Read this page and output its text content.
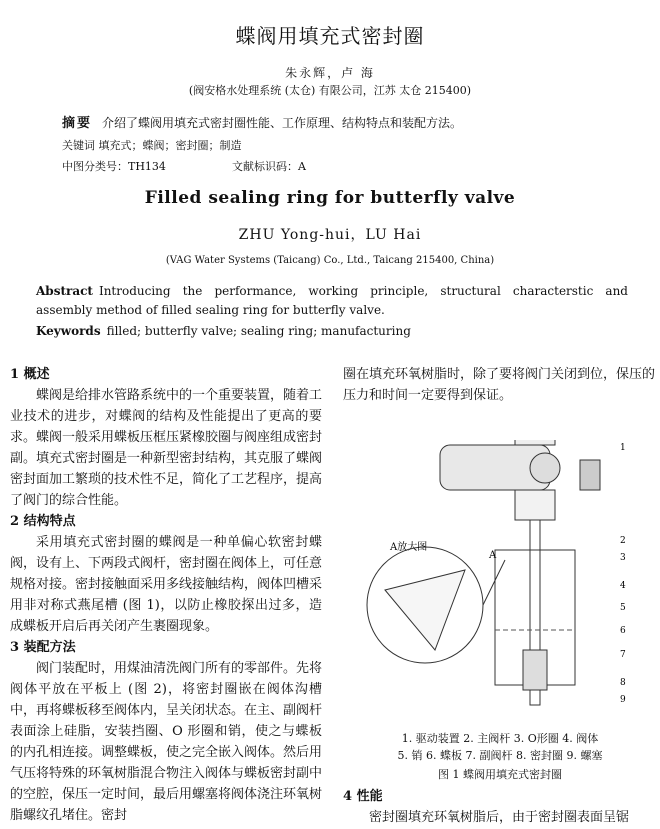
蝶阀用填充式密封圈
朱永辉，卢 海
(阀安格水处理系统 (太仓) 有限公司，江苏 太仓 215400)
摘要 介绍了蝶阀用填充式密封圈性能、工作原理、结构特点和装配方法。
关键词 填充式；蝶阀；密封圈；制造
中图分类号：TH134	文献标识码：A
Filled sealing ring for butterfly valve
ZHU Yong-hui，LU Hai
(VAG Water Systems (Taicang) Co., Ltd., Taicang 215400, China)
Abstract Introducing the performance, working principle, structural characterstic and assembly method of filled sealing ring for butterfly valve.
Keywords filled; butterfly valve; sealing ring; manufacturing
1 概述

蝶阀是给排水管路系统中的一个重要装置，随着工业技术的进步，对蝶阀的结构及性能提出了更高的要求。蝶阀一般采用蝶板压框压紧橡胶圈与阀座组成密封副。填充式密封圈是一种新型密封结构，其克服了蝶阀密封面加工繁琐的技术性不足，简化了工艺程序，提高了阀门的综合性能。

2 结构特点

采用填充式密封圈的蝶阀是一种单偏心软密封蝶阀，设有上、下两段式阀杆，密封圈在阀体上，可任意规格对接。密封接触面采用多线接触结构，阀体凹槽采用非对称式燕尾槽 (图 1)，以防止橡胶探出过多，造成蝶板开启后再关闭产生裹圈现象。

3 装配方法

阀门装配时，用煤油清洗阀门所有的零部件。先将阀体平放在平板上 (图 2)，将密封圈嵌在阀体沟槽中，再将蝶板移至阀体内，呈关闭状态。在主、副阀杆表面涂上硅脂，安装挡圈、O 形圈和销，使之与蝶板的内孔相连接。调整蝶板，使之完全嵌入阀体。然后用气压将特殊的环氧树脂混合物注入阀体与蝶板密封副中的空腔，保压一定时间，最后用螺塞将阀体浇注环氧树脂螺纹孔堵住。密封

圈在填充环氧树脂时，除了要将阀门关闭到位，保压的压力和时间一定要得到保证。

A放大图
A
1
2
3
4
5
6
7
8
9
1. 驱动装置 2. 主阀杆 3. O形圈 4. 阀体
5. 销 6. 蝶板 7. 副阀杆 8. 密封圈 9. 螺塞
图 1 蝶阀用填充式密封圈
4 性能

密封圈填充环氧树脂后，由于密封圈表面呈锯
